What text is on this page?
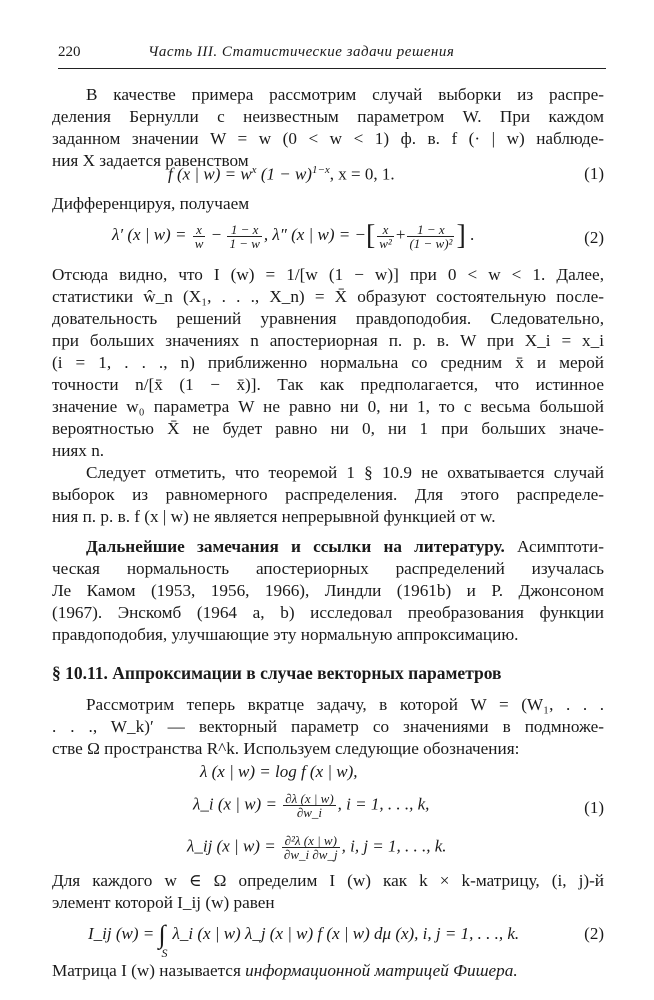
220	Часть III. Статистические задачи решения
В качестве примера рассмотрим случай выборки из распре-
деления Бернулли с неизвестным параметром W. При каждом
заданном значении W = w (0 < w < 1) ф. в. f (· | w) наблюде-
ния X задается равенством
f (x | $w) = w^x$ $(1 - w)^{1-x}$, x = 0, 1.	(1)
Дифференцируя, получаем
λ′ (x | $w) = \frac{x}{w} - \frac{1 - x}{1 - w}$ , λ″ (x | w) = −[ $\frac{x}{\text{w²}} + \frac{1 - x}{\text{(1 − w)²}}$ ] .	(2)
Отсюда видно, что I (w) = 1/[w (1 − w)] при 0 < w < 1. Далее,
статистики ŵ_n (X₁, . . ., X_n) = X̄ образуют состоятельную после-
довательность решений уравнения правдоподобия. Следовательно,
при больших значениях n апостериорная п. р. в. W при X_i = x_i
(i = 1, . . ., n) приближенно нормальна со средним x̄ и мерой
точности n/[x̄ (1 − x̄)]. Так как предполагается, что истинное
значение w₀ параметра W не равно ни 0, ни 1, то с весьма большой
вероятностью X̄ не будет равно ни 0, ни 1 при больших значе-
ниях n.
Следует отметить, что теоремой 1 § 10.9 не охватывается случай
выборок из равномерного распределения. Для этого распределе-
ния п. р. в. f (x | w) не является непрерывной функцией от w.
Дальнейшие замечания и ссылки на литературу. Асимптоти-
ческая нормальность апостериорных распределений изучалась
Ле Камом (1953, 1956, 1966), Линдли (1961b) и Р. Джонсоном
(1967). Энскомб (1964 a, b) исследовал преобразования функции
правдоподобия, улучшающие эту нормальную аппроксимацию.
§ 10.11. Аппроксимации в случае векторных параметров
Рассмотрим теперь вкратце задачу, в которой W = (W₁, . . .
. . ., W_k)′ — векторный параметр со значениями в подмноже-
стве Ω пространства R^k. Используем следующие обозначения:
λ (x | w) = log f (x | w),
λ_i (x | $w) = \frac{\partial\lambda (x | w)}{\partial w\_i}$ , i = 1, . . ., k,	(1)
λ_ij (x | $w) = \frac{\text{∂²λ (x | w)}}{\partial w\_i \partial w\_j}$ , i, j = 1, . . ., k.
Для каждого w ∈ Ω определим I (w) как k × k-матрицу, (i, j)-й
элемент которой I_ij (w) равен
I_ij (w) = ∫
S
λ_i (x | w) λ_j (x | w) f (x | w) dμ (x), i, j = 1, . . ., k.	(2)
Матрица I (w) называется информационной матрицей Фишера.
